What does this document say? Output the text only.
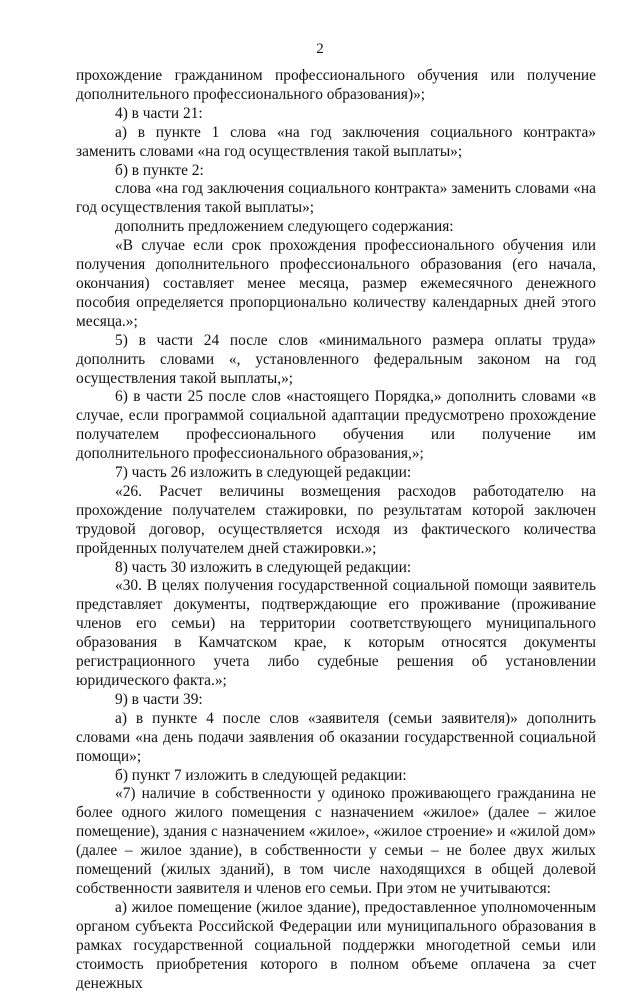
2

прохождение гражданином профессионального обучения или получение дополнительного профессионального образования)»;

4) в части 21:

а) в пункте 1 слова «на год заключения социального контракта» заменить словами «на год осуществления такой выплаты»;

б) в пункте 2:

слова «на год заключения социального контракта» заменить словами «на год осуществления такой выплаты»;

дополнить предложением следующего содержания:

«В случае если срок прохождения профессионального обучения или получения дополнительного профессионального образования (его начала, окончания) составляет менее месяца, размер ежемесячного денежного пособия определяется пропорционально количеству календарных дней этого месяца.»;

5) в части 24 после слов «минимального размера оплаты труда» дополнить словами «, установленного федеральным законом на год осуществления такой выплаты,»;

6) в части 25 после слов «настоящего Порядка,» дополнить словами «в случае, если программой социальной адаптации предусмотрено прохождение получателем профессионального обучения или получение им дополнительного профессионального образования,»;

7) часть 26 изложить в следующей редакции:

«26. Расчет величины возмещения расходов работодателю на прохождение получателем стажировки, по результатам которой заключен трудовой договор, осуществляется исходя из фактического количества пройденных получателем дней стажировки.»;

8) часть 30 изложить в следующей редакции:

«30. В целях получения государственной социальной помощи заявитель представляет документы, подтверждающие его проживание (проживание членов его семьи) на территории соответствующего муниципального образования в Камчатском крае, к которым относятся документы регистрационного учета либо судебные решения об установлении юридического факта.»;

9) в части 39:

а) в пункте 4 после слов «заявителя (семьи заявителя)» дополнить словами «на день подачи заявления об оказании государственной социальной помощи»;

б) пункт 7 изложить в следующей редакции:

«7) наличие в собственности у одиноко проживающего гражданина не более одного жилого помещения с назначением «жилое» (далее – жилое помещение), здания с назначением «жилое», «жилое строение» и «жилой дом» (далее – жилое здание), в собственности у семьи – не более двух жилых помещений (жилых зданий), в том числе находящихся в общей долевой собственности заявителя и членов его семьи. При этом не учитываются:

а) жилое помещение (жилое здание), предоставленное уполномоченным органом субъекта Российской Федерации или муниципального образования в рамках государственной социальной поддержки многодетной семьи или стоимость приобретения которого в полном объеме оплачена за счет денежных
